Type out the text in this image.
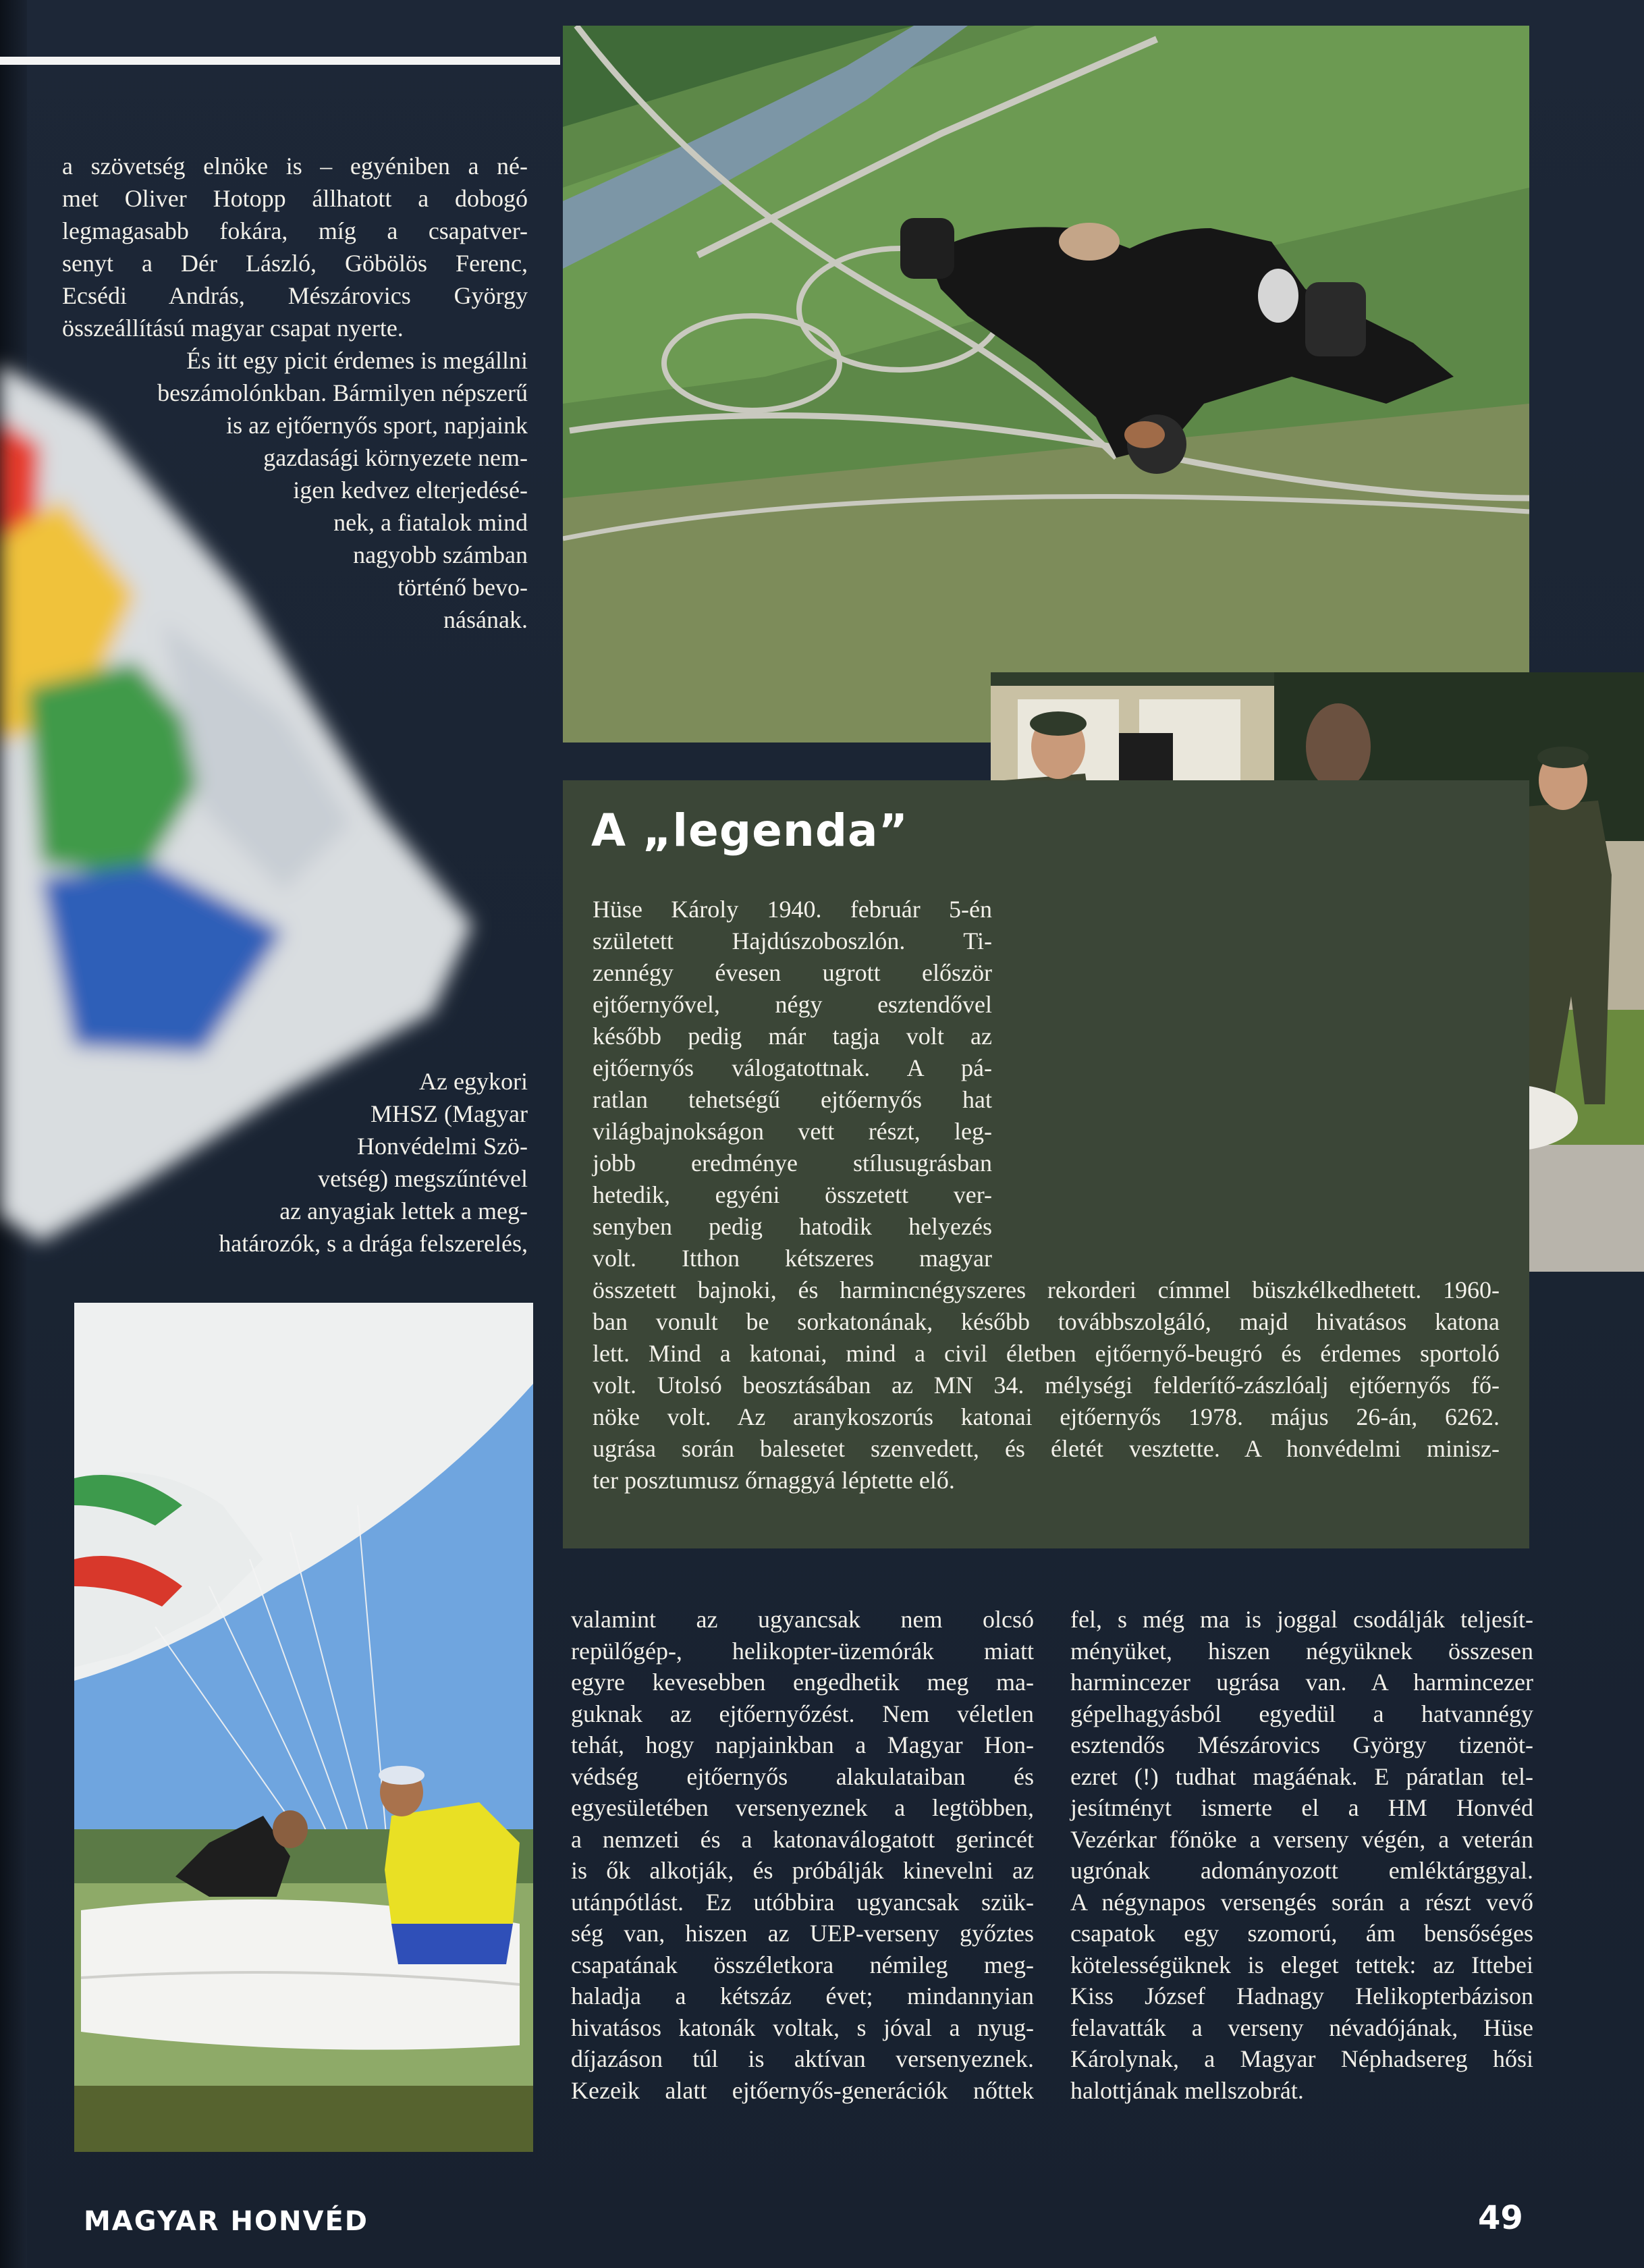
a szövetség elnöke is – egyéniben a né-
met Oliver Hotopp állhatott a dobogó
legmagasabb fokára, míg a csapatver-
senyt a Dér László, Göbölös Ferenc,
Ecsédi András, Mészárovics György
összeállítású magyar csapat nyerte.

És itt egy picit érdemes is megállni
beszámolónkban. Bármilyen népszerű
is az ejtőernyős sport, napjaink
gazdasági környezete nem-
igen kedvez elterjedésé-
nek, a fiatalok mind
nagyobb számban
történő bevo-
násának.

Az egykori
MHSZ (Magyar
Honvédelmi Szö-
vetség) megszűntével
az anyagiak lettek a meg-
határozók, s a drága felszerelés,

A „legenda”
Hüse Károly 1940. február 5-én
született Hajdúszoboszlón. Ti-
zennégy évesen ugrott először
ejtőernyővel, négy esztendővel
később pedig már tagja volt az
ejtőernyős válogatottnak. A pá-
ratlan tehetségű ejtőernyős hat
világbajnokságon vett részt, leg-
jobb eredménye stílusugrásban
hetedik, egyéni összetett ver-
senyben pedig hatodik helyezés
volt. Itthon kétszeres magyar
összetett bajnoki, és harmincnégyszeres rekorderi címmel büszkélkedhetett. 1960-
ban vonult be sorkatonának, később továbbszolgáló, majd hivatásos katona
lett. Mind a katonai, mind a civil életben ejtőernyő-beugró és érdemes sportoló
volt. Utolsó beosztásában az MN 34. mélységi felderítő-zászlóalj ejtőernyős fő-
nöke volt. Az aranykoszorús katonai ejtőernyős 1978. május 26-án, 6262.
ugrása során balesetet szenvedett, és életét vesztette. A honvédelmi minisz-
ter posztumusz őrnaggyá léptette elő.
valamint az ugyancsak nem olcsó
repülőgép-, helikopter-üzemórák miatt
egyre kevesebben engedhetik meg ma-
guknak az ejtőernyőzést. Nem véletlen
tehát, hogy napjainkban a Magyar Hon-
védség ejtőernyős alakulataiban és
egyesületében versenyeznek a legtöbben,
a nemzeti és a katonaválogatott gerincét
is ők alkotják, és próbálják kinevelni az
utánpótlást. Ez utóbbira ugyancsak szük-
ség van, hiszen az UEP-verseny győztes
csapatának összéletkora némileg meg-
haladja a kétszáz évet; mindannyian
hivatásos katonák voltak, s jóval a nyug-
díjazáson túl is aktívan versenyeznek.
Kezeik alatt ejtőernyős-generációk nőttek
fel, s még ma is joggal csodálják teljesít-
ményüket, hiszen négyüknek összesen
harmincezer ugrása van. A harmincezer
gépelhagyásból egyedül a hatvannégy
esztendős Mészárovics György tizenöt-
ezret (!) tudhat magáénak. E páratlan tel-
jesítményt ismerte el a HM Honvéd
Vezérkar főnöke a verseny végén, a veterán
ugrónak adományozott emléktárggyal.
A négynapos versengés során a részt vevő
csapatok egy szomorú, ám bensőséges
kötelességüknek is eleget tettek: az Ittebei
Kiss József Hadnagy Helikopterbázison
felavatták a verseny névadójának, Hüse
Károlynak, a Magyar Néphadsereg hősi
halottjának mellszobrát.
MAGYAR HONVÉD	49
